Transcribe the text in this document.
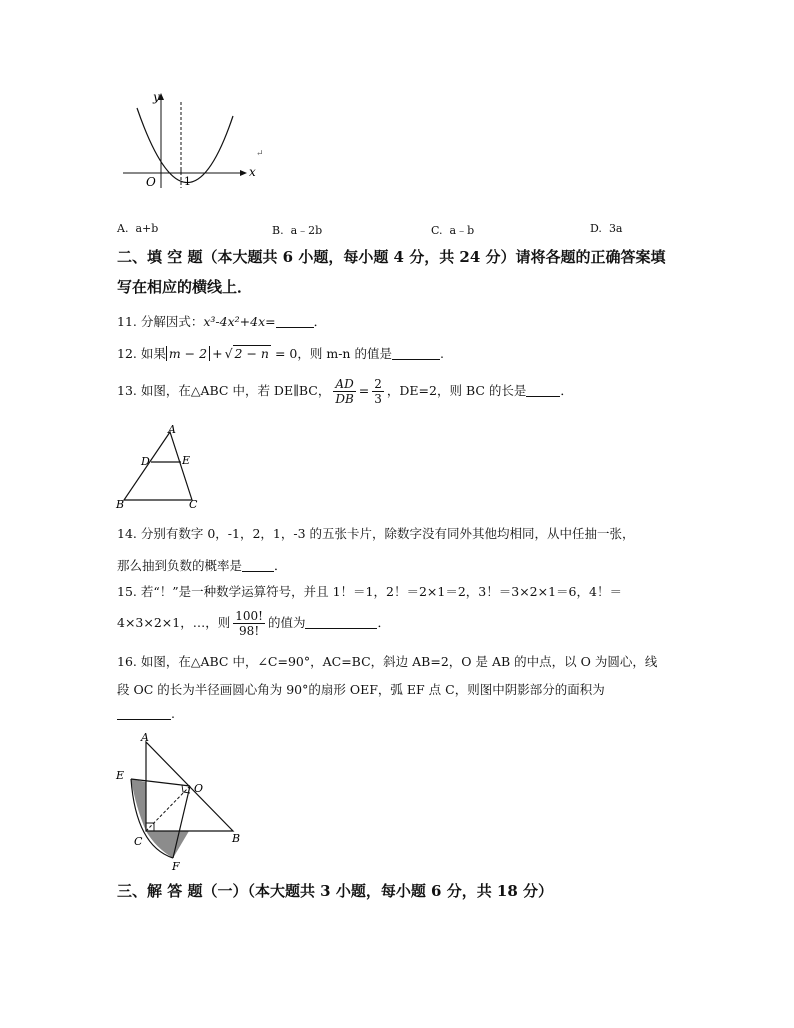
y
x
O	1
↵
A. a+b	B. a﹣2b	C. a﹣b	D. 3a
二、填 空 题（本大题共 6 小题，每小题 4 分，共 24 分）请将各题的正确答案填
写在相应的横线上．
11. 分解因式：x³-4x²+4x=	．
12. 如果 m − 2 + √ 2 − n = 0，则 m-n 的值是	.
13. 如图，在△ABC 中，若 DE∥BC， $\frac{AD}{DB} = \frac{2}{3}$ ，DE=2，则 BC 的长是	．
A
D	E
B	C
14. 分别有数字 0，-1，2，1，-3 的五张卡片，除数字没有同外其他均相同，从中任抽一张，
那么抽到负数的概率是	．
15. 若“！”是一种数学运算符号，并且 1！＝1，2！＝2×1＝2，3！＝3×2×1＝6，4！＝
4×3×2×1，…，则 $\frac{100!}{98!}$ 的值为	．
16. 如图，在△ABC 中，∠C=90°，AC=BC，斜边 AB=2，O 是 AB 的中点，以 O 为圆心，线
段 OC 的长为半径画圆心角为 90°的扇形 OEF，弧 EF 点 C，则图中阴影部分的面积为
.
A
E
O
C	B
F
三、解 答 题（一）（本大题共 3 小题，每小题 6 分，共 18 分）
